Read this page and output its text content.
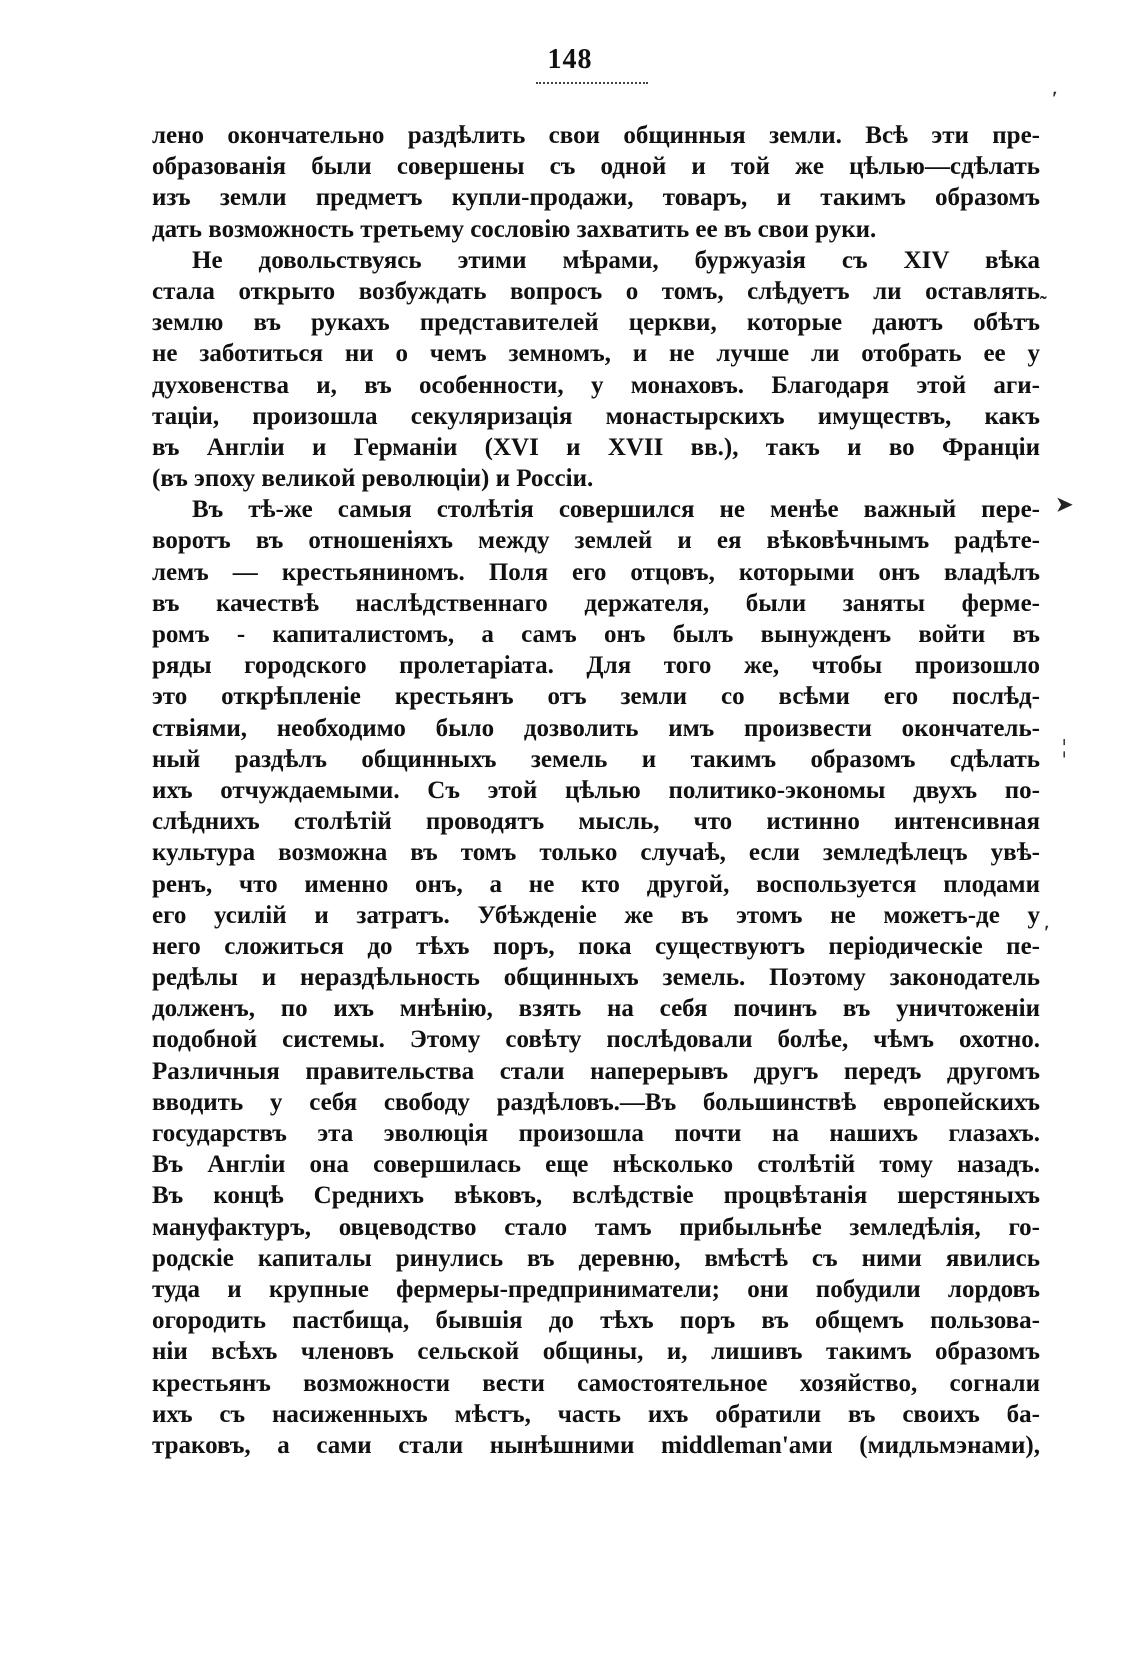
148
ʹ
˷
➤
¦
ʹ
лено окончательно раздѣлить свои общинныя земли. Всѣ эти пре-
образованія были совершены съ одной и той же цѣлью—сдѣлать
изъ земли предметъ купли-продажи, товаръ, и такимъ образомъ
дать возможность третьему сословію захватить ее въ свои руки.
Не довольствуясь этими мѣрами, буржуазія съ XIV вѣка
стала открыто возбуждать вопросъ о томъ, слѣдуетъ ли оставлять
землю въ рукахъ представителей церкви, которые даютъ обѣтъ
не заботиться ни о чемъ земномъ, и не лучше ли отобрать ее у
духовенства и, въ особенности, у монаховъ. Благодаря этой аги-
таціи, произошла секуляризація монастырскихъ имуществъ, какъ
въ Англіи и Германіи (XVI и XVII вв.), такъ и во Франціи
(въ эпоху великой революціи) и Россіи.
Въ тѣ-же самыя столѣтія совершился не менѣе важный пере-
воротъ въ отношеніяхъ между землей и ея вѣковѣчнымъ радѣте-
лемъ — крестьяниномъ. Поля его отцовъ, которыми онъ владѣлъ
въ качествѣ наслѣдственнаго держателя, были заняты ферме-
ромъ - капиталистомъ, а самъ онъ былъ вынужденъ войти въ
ряды городского пролетаріата. Для того же, чтобы произошло
это открѣпленіе крестьянъ отъ земли со всѣми его послѣд-
ствіями, необходимо было дозволить имъ произвести окончатель-
ный раздѣлъ общинныхъ земель и такимъ образомъ сдѣлать
ихъ отчуждаемыми. Съ этой цѣлью политико-экономы двухъ по-
слѣднихъ столѣтій проводятъ мысль, что истинно интенсивная
культура возможна въ томъ только случаѣ, если земледѣлецъ увѣ-
ренъ, что именно онъ, а не кто другой, воспользуется плодами
его усилій и затратъ. Убѣжденіе же въ этомъ не можетъ-де у
него сложиться до тѣхъ поръ, пока существуютъ періодическіе пе-
редѣлы и нераздѣльность общинныхъ земель. Поэтому законодатель
долженъ, по ихъ мнѣнію, взять на себя починъ въ уничтоженіи
подобной системы. Этому совѣту послѣдовали болѣе, чѣмъ охотно.
Различныя правительства стали наперерывъ другъ передъ другомъ
вводить у себя свободу раздѣловъ.—Въ большинствѣ европейскихъ
государствъ эта эволюція произошла почти на нашихъ глазахъ.
Въ Англіи она совершилась еще нѣсколько столѣтій тому назадъ.
Въ концѣ Среднихъ вѣковъ, вслѣдствіе процвѣтанія шерстяныхъ
мануфактуръ, овцеводство стало тамъ прибыльнѣе земледѣлія, го-
родскіе капиталы ринулись въ деревню, вмѣстѣ съ ними явились
туда и крупные фермеры-предприниматели; они побудили лордовъ
огородить пастбища, бывшія до тѣхъ поръ въ общемъ пользова-
ніи всѣхъ членовъ сельской общины, и, лишивъ такимъ образомъ
крестьянъ возможности вести самостоятельное хозяйство, согнали
ихъ съ насиженныхъ мѣстъ, часть ихъ обратили въ своихъ ба-
траковъ, а сами стали нынѣшними middleman'ами (мидльмэнами),
